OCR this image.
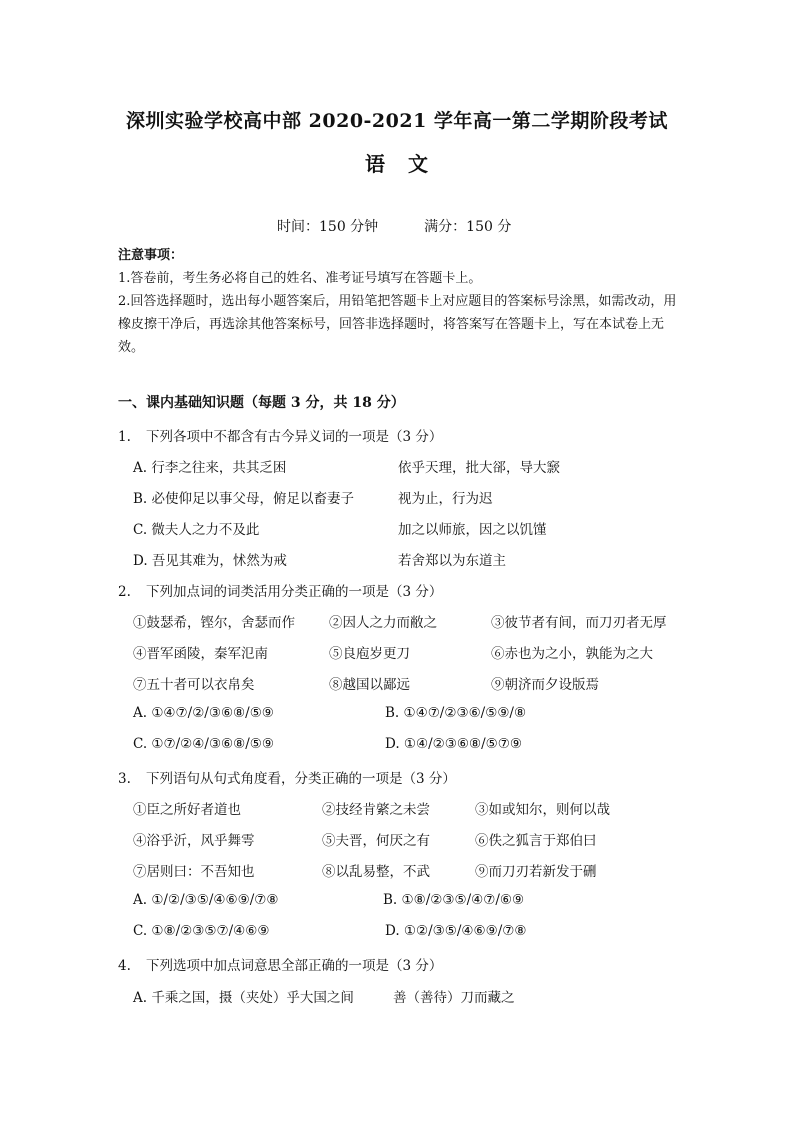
深圳实验学校高中部 2020-2021 学年高一第二学期阶段考试
语 文
时间：150 分钟	满分：150 分

注意事项：

1.答卷前，考生务必将自己的姓名、准考证号填写在答题卡上。

2.回答选择题时，选出每小题答案后，用铅笔把答题卡上对应题目的答案标号涂黑，如需改动，用橡皮擦干净后，再选涂其他答案标号，回答非选择题时，将答案写在答题卡上，写在本试卷上无效。

一、课内基础知识题（每题 3 分，共 18 分）
1. 下列各项中不都含有古今异义词的一项是（3 分）
A. 行李之往来，共其乏困	依乎天理，批大郤，导大窾
B. 必使仰足以事父母，俯足以畜妻子	视为止，行为迟
C. 微夫人之力不及此	加之以师旅，因之以饥馑
D. 吾见其难为，怵然为戒	若舍郑以为东道主
2. 下列加点词的词类活用分类正确的一项是（3 分）
①鼓瑟希，铿尔，舍瑟而作	②因人之力而敝之	③彼节者有间，而刀刃者无厚
④晋军函陵，秦军氾南	⑤良庖岁更刀	⑥赤也为之小，孰能为之大
⑦五十者可以衣帛矣	⑧越国以鄙远	⑨朝济而夕设版焉
A. ①④⑦/②/③⑥⑧/⑤⑨	B. ①④⑦/②③⑥/⑤⑨/⑧
C. ①⑦/②④/③⑥⑧/⑤⑨	D. ①④/②③⑥⑧/⑤⑦⑨
3. 下列语句从句式角度看，分类正确的一项是（3 分）
①臣之所好者道也	②技经肯綮之未尝	③如或知尔，则何以哉
④浴乎沂，风乎舞雩	⑤夫晋，何厌之有	⑥佚之狐言于郑伯曰
⑦居则曰：不吾知也	⑧以乱易整，不武	⑨而刀刃若新发于硎
A. ①/②/③⑤/④⑥⑨/⑦⑧	B. ①⑧/②③⑤/④⑦/⑥⑨
C. ①⑧/②③⑤⑦/④⑥⑨	D. ①②/③⑤/④⑥⑨/⑦⑧
4. 下列选项中加点词意思全部正确的一项是（3 分）
A. 千乘之国，摄（夹处）乎大国之间	善（善待）刀而藏之
